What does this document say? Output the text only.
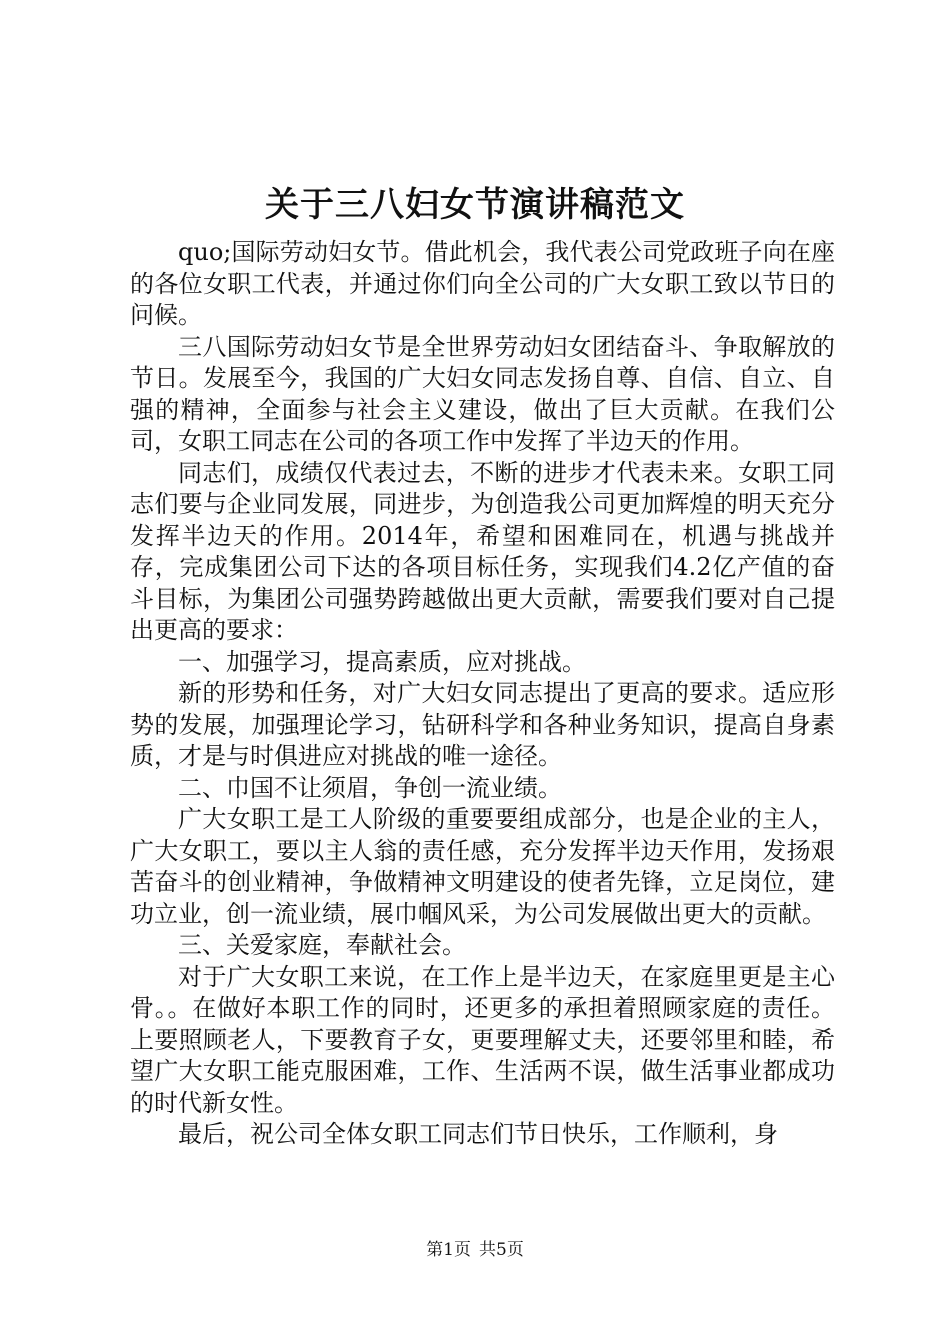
关于三八妇女节演讲稿范文

quo;国际劳动妇女节。借此机会，我代表公司党政班子向在座的各位女职工代表，并通过你们向全公司的广大女职工致以节日的问候。

三八国际劳动妇女节是全世界劳动妇女团结奋斗、争取解放的节日。发展至今，我国的广大妇女同志发扬自尊、自信、自立、自强的精神，全面参与社会主义建设，做出了巨大贡献。在我们公司，女职工同志在公司的各项工作中发挥了半边天的作用。

同志们，成绩仅代表过去，不断的进步才代表未来。女职工同志们要与企业同发展，同进步，为创造我公司更加辉煌的明天充分发挥半边天的作用。2014年，希望和困难同在，机遇与挑战并存，完成集团公司下达的各项目标任务，实现我们4.2亿产值的奋斗目标，为集团公司强势跨越做出更大贡献，需要我们要对自己提出更高的要求：

一、加强学习，提高素质，应对挑战。

新的形势和任务，对广大妇女同志提出了更高的要求。适应形势的发展，加强理论学习，钻研科学和各种业务知识，提高自身素质，才是与时俱进应对挑战的唯一途径。

二、巾国不让须眉，争创一流业绩。

广大女职工是工人阶级的重要要组成部分，也是企业的主人，广大女职工，要以主人翁的责任感，充分发挥半边天作用，发扬艰苦奋斗的创业精神，争做精神文明建设的使者先锋，立足岗位，建功立业，创一流业绩，展巾帼风采，为公司发展做出更大的贡献。

三、关爱家庭，奉献社会。

对于广大女职工来说，在工作上是半边天，在家庭里更是主心骨。。在做好本职工作的同时，还更多的承担着照顾家庭的责任。上要照顾老人，下要教育子女，更要理解丈夫，还要邻里和睦，希望广大女职工能克服困难，工作、生活两不误，做生活事业都成功的时代新女性。

最后，祝公司全体女职工同志们节日快乐，工作顺利，身

第1页 共5页
